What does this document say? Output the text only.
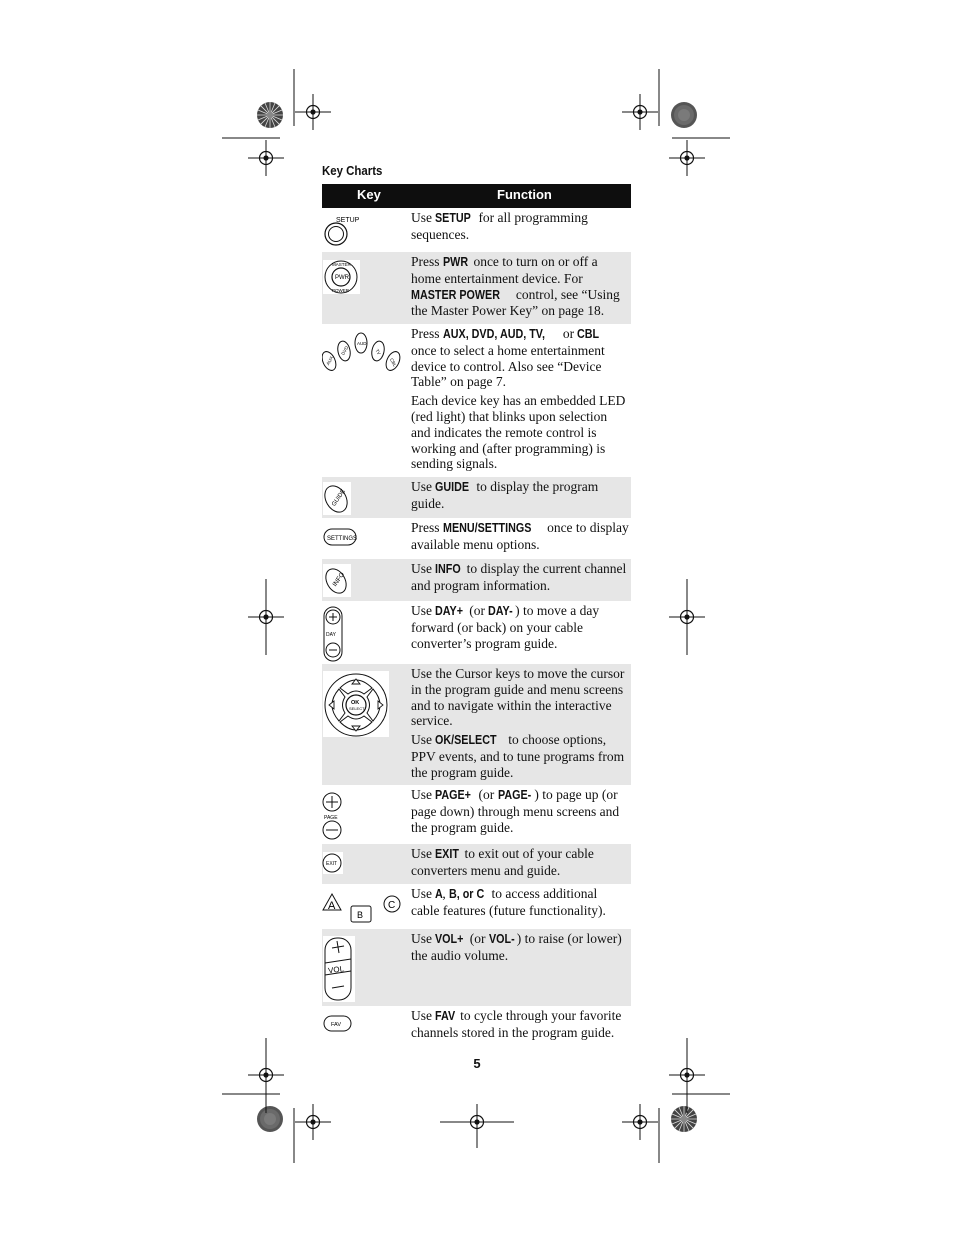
Key Charts
Key	Function
SETUP	Use SETUP for all programming sequences.

MASTER
PWR
POWER

Press PWR once to turn on or off a home entertainment device. For MASTER POWER control, see “Using the Master Power Key” on page 18.

AUX
DVD
AUD
TV
CBL

Press AUX, DVD, AUD, TV, or CBL once to select a home entertainment device to control. Also see “Device Table” on page 7.

Each device key has an embedded LED (red light) that blinks upon selection and indicates the remote control is working and (after programming) is sending signals.

GUIDE

Use GUIDE to display the program guide.

SETTINGS

Press MENU/SETTINGS once to display available menu options.

INFO

Use INFO to display the current channel and program information.

DAY

Use DAY+ (or DAY- ) to move a day forward (or back) on your cable converter’s program guide.

OK
SELECT

Use the Cursor keys to move the cursor in the program guide and menu screens and to navigate within the interactive service.

Use OK/SELECT to choose options, PPV events, and to tune programs from the program guide.

PAGE

Use PAGE+ (or PAGE- ) to page up (or page down) through menu screens and the program guide.

EXIT

Use EXIT to exit out of your cable converters menu and guide.

A
B
C

Use A, B, or C to access additional cable features (future functionality).

VOL

Use VOL+ (or VOL- ) to raise (or lower) the audio volume.

FAV

Use FAV to cycle through your favorite channels stored in the program guide.

5
